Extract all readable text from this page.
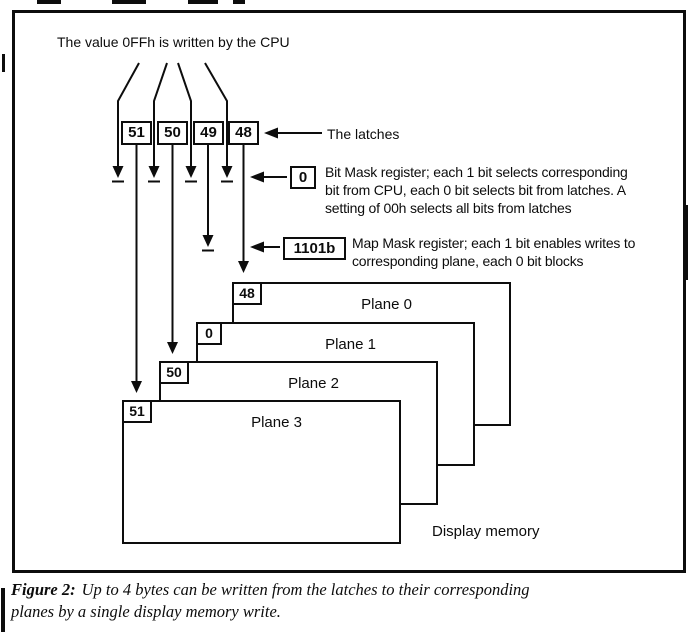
The value 0FFh is written by the CPU
51	50	49	48	The latches
0	Bit Mask register; each 1 bit selects corresponding
bit from CPU, each 0 bit selects bit from latches. A
setting of 00h selects all bits from latches
1101b	Map Mask register; each 1 bit enables writes to
corresponding plane, each 0 bit blocks
48
Plane 0
0
Plane 1
50
Plane 2
51
Plane 3
Display memory
Figure 2: Up to 4 bytes can be written from the latches to their corresponding
planes by a single display memory write.
